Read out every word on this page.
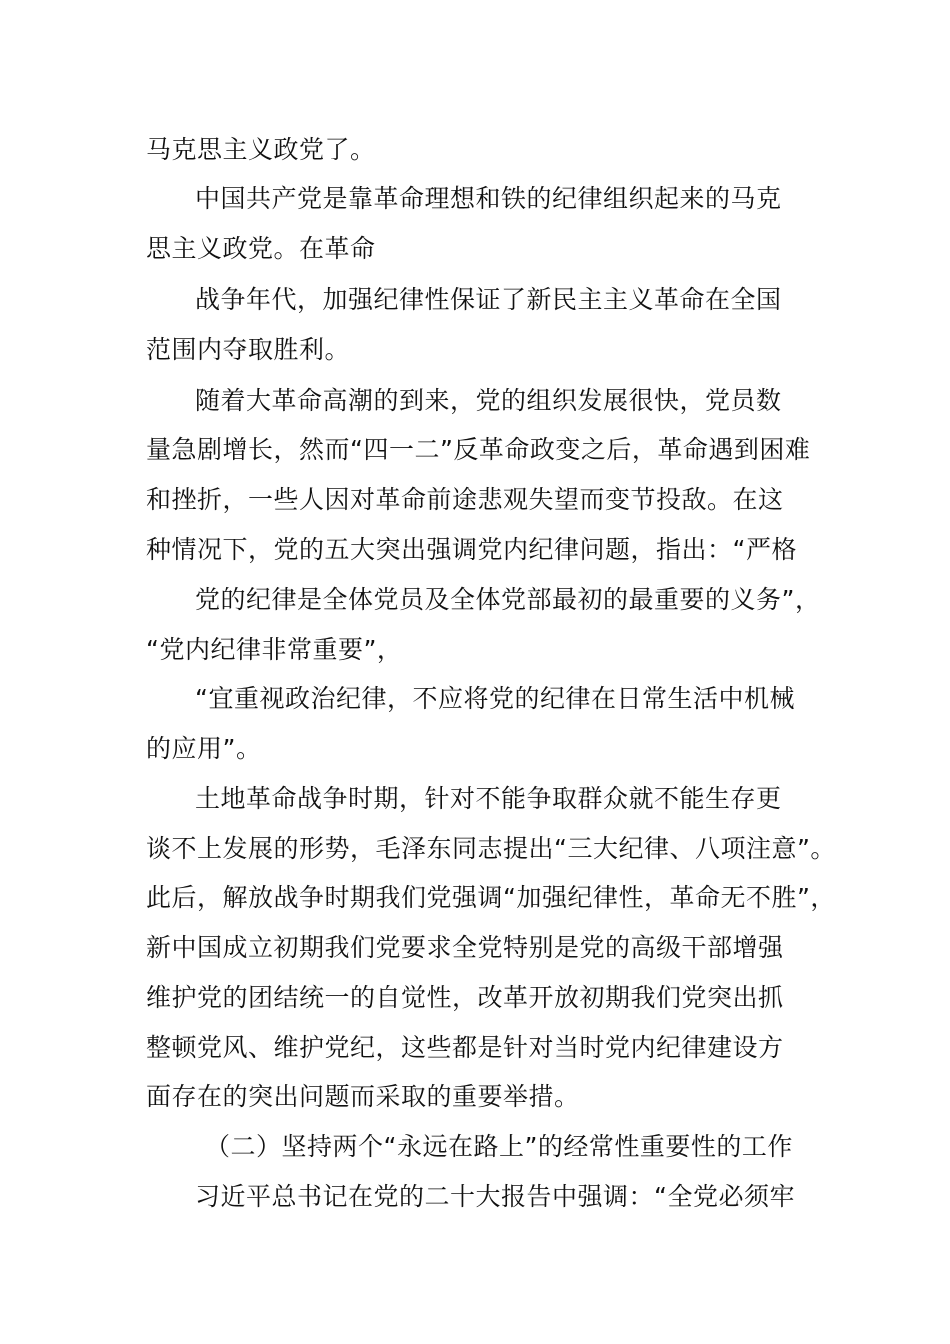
马克思主义政党了。
中国共产党是靠革命理想和铁的纪律组织起来的马克
思主义政党。在革命
战争年代，加强纪律性保证了新民主主义革命在全国
范围内夺取胜利。
随着大革命高潮的到来，党的组织发展很快，党员数
量急剧增长，然而“四一二”反革命政变之后，革命遇到困难
和挫折，一些人因对革命前途悲观失望而变节投敌。在这
种情况下，党的五大突出强调党内纪律问题，指出：“严格
党的纪律是全体党员及全体党部最初的最重要的义务”，
“党内纪律非常重要”，
“宜重视政治纪律，不应将党的纪律在日常生活中机械
的应用”。
土地革命战争时期，针对不能争取群众就不能生存更
谈不上发展的形势，毛泽东同志提出“三大纪律、八项注意”。
此后，解放战争时期我们党强调“加强纪律性，革命无不胜”，
新中国成立初期我们党要求全党特别是党的高级干部增强
维护党的团结统一的自觉性，改革开放初期我们党突出抓
整顿党风、维护党纪，这些都是针对当时党内纪律建设方
面存在的突出问题而采取的重要举措。
（二）坚持两个“永远在路上”的经常性重要性的工作
习近平总书记在党的二十大报告中强调：“全党必须牢
